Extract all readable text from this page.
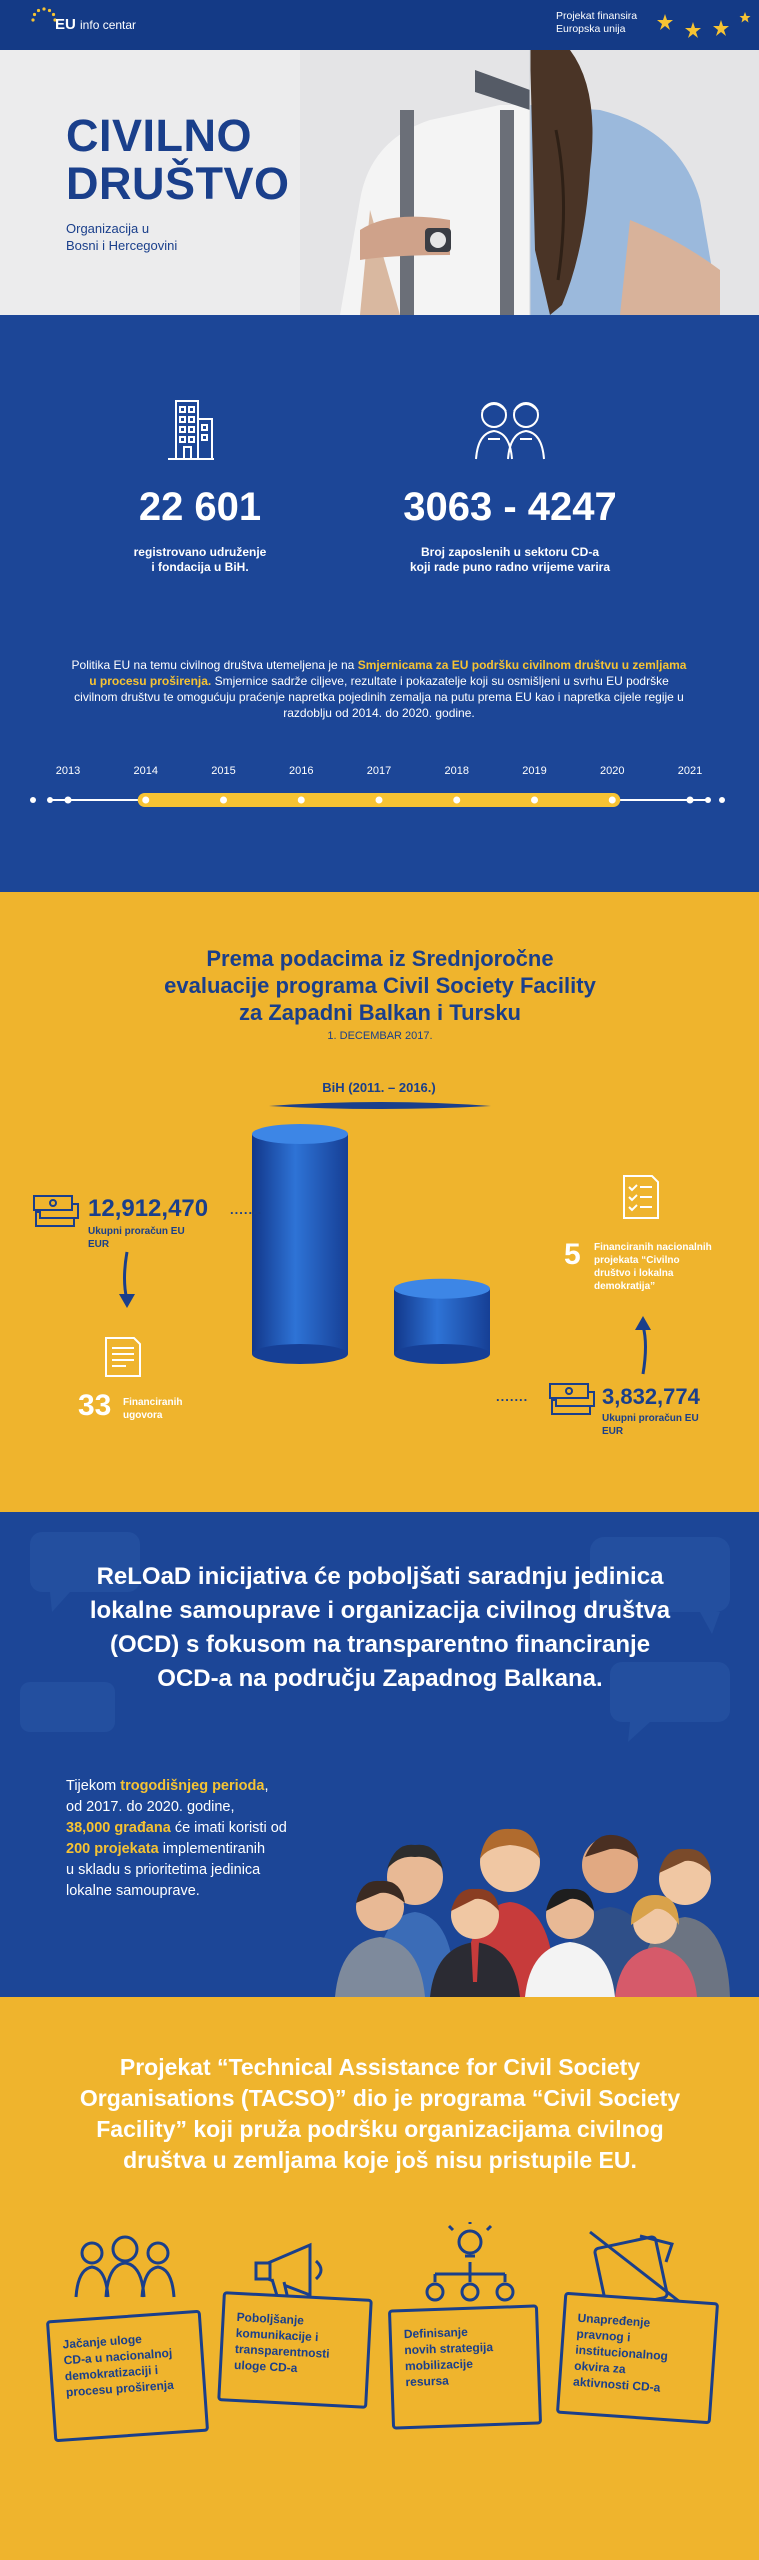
EU info centar
Projekat finansira
Europska unija
CIVILNO
DRUŠTVO
Organizacija u
Bosni i Hercegovini
22 601
registrovano udruženje
i fondacija u BiH.
3063 - 4247
Broj zaposlenih u sektoru CD-a
koji rade puno radno vrijeme varira
Politika EU na temu civilnog društva utemeljena je na Smjernicama za EU podršku civilnom društvu u zemljama u procesu proširenja. Smjernice sadrže ciljeve, rezultate i pokazatelje koji su osmišljeni u svrhu EU podrške civilnom društvu te omogućuju praćenje napretka pojedinih zemalja na putu prema EU kao i napretka cijele regije u razdoblju od 2014. do 2020. godine.
2013	2014	2015	2016	2017	2018	2019	2020	2021
Prema podacima iz Srednjoročne
evaluacije programa Civil Society Facility
za Zapadni Balkan i Tursku
1. DECEMBAR 2017.
BiH (2011. – 2016.)
12,912,470
Ukupni proračun EU
EUR
.......
33 Financiranih
ugovora
5 Financiranih nacionalnih
projekata “Civilno
društvo i lokalna
demokratija”
.......	3,832,774
Ukupni proračun EU
EUR
ReLOaD inicijativa će poboljšati saradnju jedinica
lokalne samouprave i organizacija civilnog društva
(OCD) s fokusom na transparentno financiranje
OCD-a na području Zapadnog Balkana.
Tijekom trogodišnjeg perioda,
od 2017. do 2020. godine,
38,000 građana će imati koristi od
200 projekata implementiranih
u skladu s prioritetima jedinica
lokalne samouprave.
Projekat “Technical Assistance for Civil Society
Organisations (TACSO)” dio je programa “Civil Society
Facility” koji pruža podršku organizacijama civilnog
društva u zemljama koje još nisu pristupile EU.
Jačanje uloge
CD-a u nacionalnoj
demokratizaciji i
procesu proširenja
Poboljšanje
komunikacije i
transparentnosti
uloge CD-a
Definisanje
novih strategija
mobilizacije
resursa
Unapređenje
pravnog i
institucionalnog
okvira za
aktivnosti CD-a
